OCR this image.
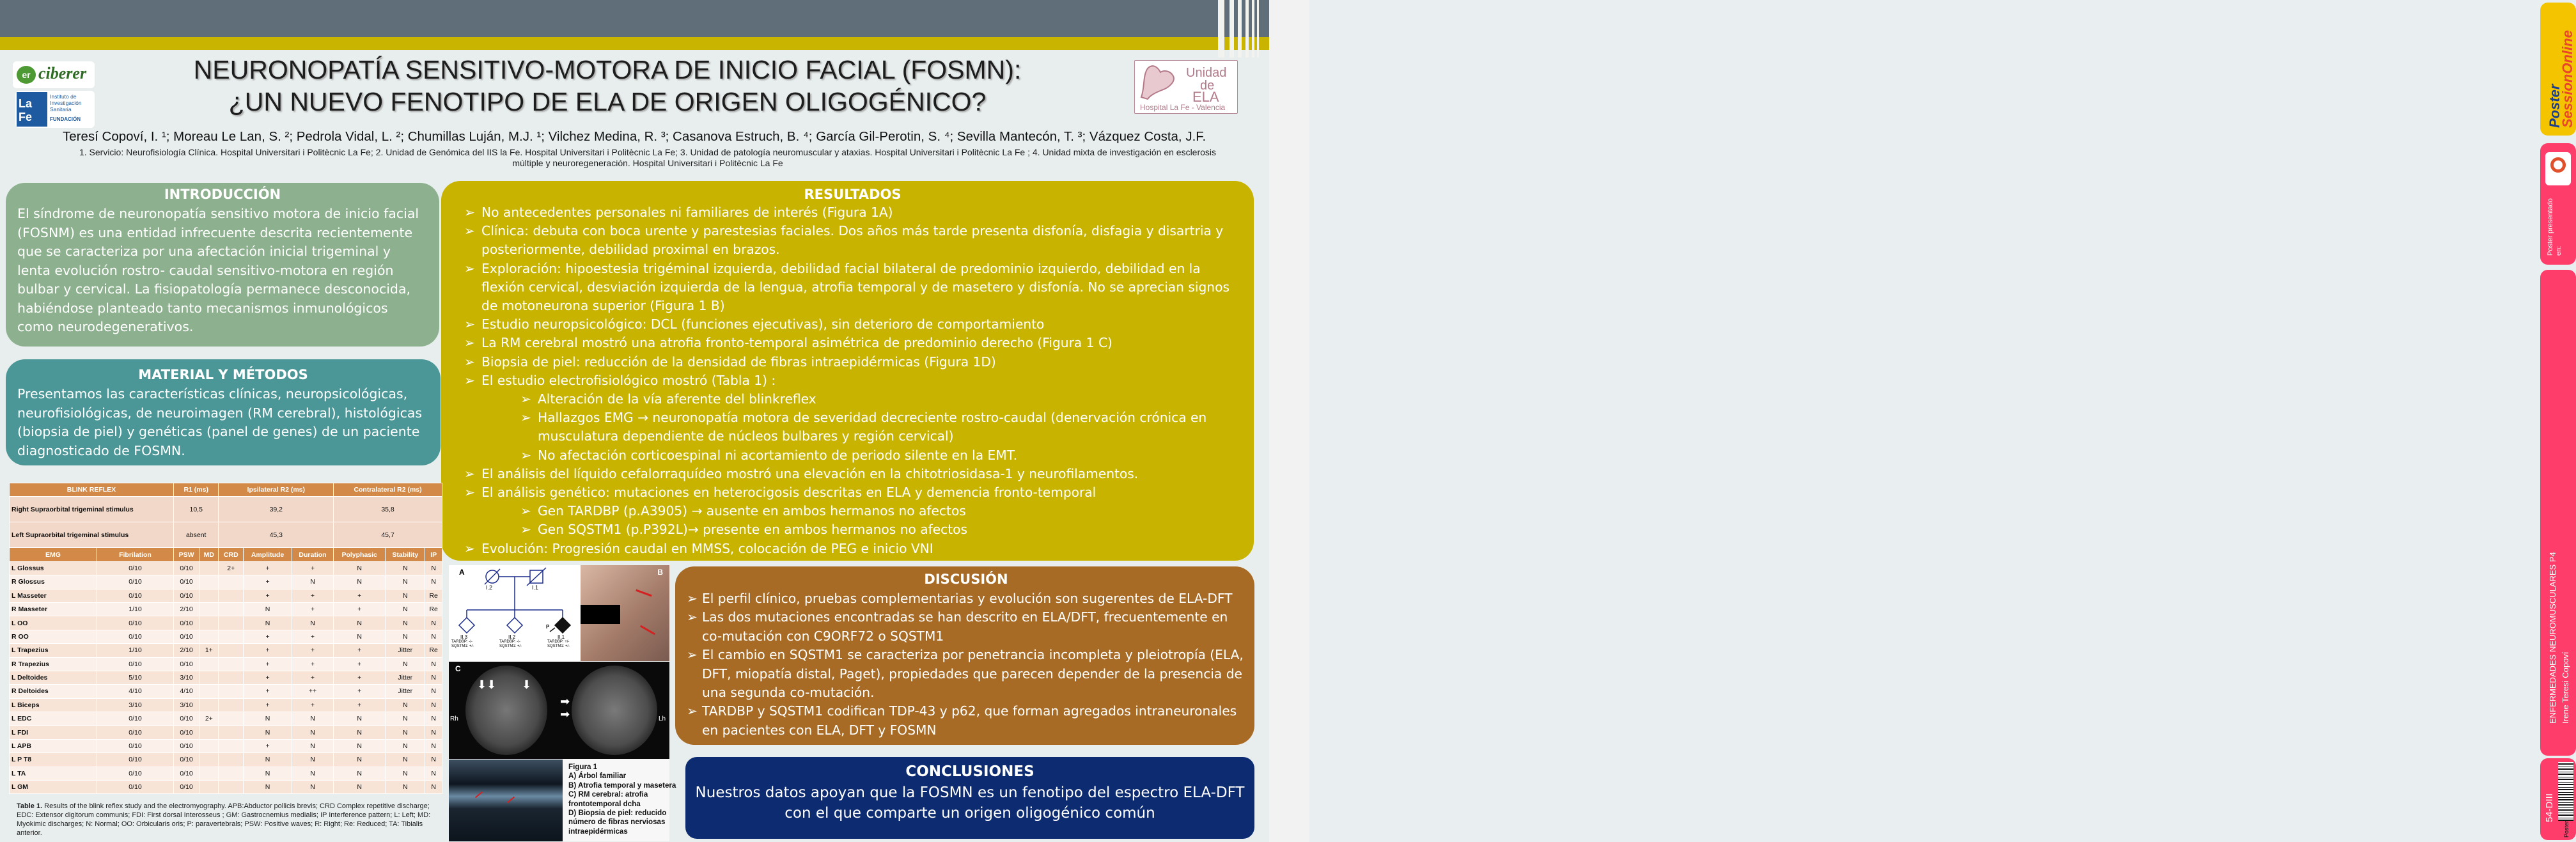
er ciberer
La Fe
Instituto de Investigación Sanitaria
FUNDACIÓN
Unidad
de
ELA
Hospital La Fe - Valencia
NEURONOPATÍA SENSITIVO-MOTORA DE INICIO FACIAL (FOSMN):
¿UN NUEVO FENOTIPO DE ELA DE ORIGEN OLIGOGÉNICO?
Teresí Copoví, I. ¹; Moreau Le Lan, S. ²; Pedrola Vidal, L. ²; Chumillas Luján, M.J. ¹; Vilchez Medina, R. ³; Casanova Estruch, B. ⁴; García Gil-Perotin, S. ⁴; Sevilla Mantecón, T. ³; Vázquez Costa, J.F.
1. Servicio: Neurofisiología Clínica. Hospital Universitari i Politècnic La Fe; 2. Unidad de Genómica del IIS la Fe. Hospital Universitari i Politècnic La Fe; 3. Unidad de patología neuromuscular y ataxias. Hospital Universitari i Politècnic La Fe ; 4. Unidad mixta de investigación en esclerosis múltiple y neuroregeneración. Hospital Universitari i Politècnic La Fe
INTRODUCCIÓN

El síndrome de neuronopatía sensitivo motora de inicio facial (FOSNM) es una entidad infrecuente descrita recientemente que se caracteriza por una afectación inicial trigeminal y lenta evolución rostro- caudal sensitivo-motora en región bulbar y cervical. La fisiopatología permanece desconocida, habiéndose planteado tanto mecanismos inmunológicos como neurodegenerativos.

MATERIAL Y MÉTODOS

Presentamos las características clínicas, neuropsicológicas, neurofisiológicas, de neuroimagen (RM cerebral), histológicas (biopsia de piel) y genéticas (panel de genes) de un paciente diagnosticado de FOSMN.

RESULTADOS
➢ No antecedentes personales ni familiares de interés (Figura 1A)
➢ Clínica: debuta con boca urente y parestesias faciales. Dos años más tarde presenta disfonía, disfagia y disartria y posteriormente, debilidad proximal en brazos.
➢ Exploración: hipoestesia trigéminal izquierda, debilidad facial bilateral de predominio izquierdo, debilidad en la flexión cervical, desviación izquierda de la lengua, atrofia temporal y de masetero y disfonía. No se aprecian signos de motoneurona superior (Figura 1 B)
➢ Estudio neuropsicológico: DCL (funciones ejecutivas), sin deterioro de comportamiento
➢ La RM cerebral mostró una atrofia fronto-temporal asimétrica de predominio derecho (Figura 1 C)
➢ Biopsia de piel: reducción de la densidad de fibras intraepidérmicas (Figura 1D)
➢ El estudio electrofisiológico mostró (Tabla 1) :
➢ Alteración de la vía aferente del blinkreflex
➢ Hallazgos EMG → neuronopatía motora de severidad decreciente rostro-caudal (denervación crónica en musculatura dependiente de núcleos bulbares y región cervical)
➢ No afectación corticoespinal ni acortamiento de periodo silente en la EMT.
➢ El análisis del líquido cefalorraquídeo mostró una elevación en la chitotriosidasa-1 y neurofilamentos.
➢ El análisis genético: mutaciones en heterocigosis descritas en ELA y demencia fronto-temporal
➢ Gen TARDBP (p.A3905) → ausente en ambos hermanos no afectos
➢ Gen SQSTM1 (p.P392L)→ presente en ambos hermanos no afectos
➢ Evolución: Progresión caudal en MMSS, colocación de PEG e inicio VNI
BLINK REFLEX		R1 (ms)		Ipsilateral R2 (ms)			Contralateral R2 (ms)		
Right Supraorbital trigeminal stimulus		10,5		39,2			35,8		
Left Supraorbital trigeminal stimulus		absent		45,3			45,7		
EMG	Fibrilation	PSW	MD	CRD	Amplitude	Duration	Polyphasic	Stability	IP
L Glossus	0/10	0/10		2+	+	+	N	N	N
R Glossus	0/10	0/10			+	N	N	N	N
L Masseter	0/10	0/10			+	+	+	N	Re
R Masseter	1/10	2/10			N	+	+	N	Re
L OO	0/10	0/10			N	N	N	N	N
R OO	0/10	0/10			+	+	N	N	N
L Trapezius	1/10	2/10	1+		+	+	+	Jitter	Re
R Trapezius	0/10	0/10			+	+	+	N	N
L Deltoides	5/10	3/10			+	+	+	Jitter	N
R Deltoides	4/10	4/10			+	++	+	Jitter	N
L Biceps	3/10	3/10			+	+	+	N	N
L EDC	0/10	0/10	2+		N	N	N	N	N
L FDI	0/10	0/10			N	N	N	N	N
L APB	0/10	0/10			+	N	N	N	N
L P T8	0/10	0/10			N	N	N	N	N
L TA	0/10	0/10			N	N	N	N	N
L GM	0/10	0/10			N	N	N	N	N
Table 1. Results of the blink reflex study and the electromyography. APB:Abductor pollicis brevis; CRD Complex repetitive discharge; EDC: Extensor digitorum communis; FDI: First dorsal Interosseus ; GM: Gastrocnemius medialis; IP Interference pattern; L: Left; MD: Myokimic discharges; N: Normal; OO: Orbicularis oris; P: paravertebrals; PSW: Positive waves; R: Right; Re: Reduced; TA: Tibialis anterior.
A
I.2	I.1
P
II.3	II.2	II.1
TARDBP: -/-
SQSTM1: +/-
TARDBP: -/-
SQSTM1: +/-
TARDBP: +/-
SQSTM1: +/-
B
C
⬇⬇ ⬇
➡
➡
Rh	Lh
Figura 1
A) Árbol familiar
B) Atrofia temporal y masetera
C) RM cerebral: atrofia frontotemporal dcha
D) Biopsia de piel: reducido número de fibras nerviosas intraepidérmicas
DISCUSIÓN
➢ El perfil clínico, pruebas complementarias y evolución son sugerentes de ELA-DFT
➢ Las dos mutaciones encontradas se han descrito en ELA/DFT, frecuentemente en co-mutación con C9ORF72 o SQSTM1
➢ El cambio en SQSTM1 se caracteriza por penetrancia incompleta y pleiotropía (ELA, DFT, miopatía distal, Paget), propiedades que parecen depender de la presencia de una segunda co-mutación.
➢ TARDBP y SQSTM1 codifican TDP-43 y p62, que forman agregados intraneuronales en pacientes con ELA, DFT y FOSMN
CONCLUSIONES

Nuestros datos apoyan que la FOSMN es un fenotipo del espectro ELA-DFT con el que comparte un origen oligogénico común

Poster
SessionOnline
Poster presentado en:
ENFERMEDADES NEUROMUSCULARES P4 Irene Teresi Copoví
54-DIII
Poster
